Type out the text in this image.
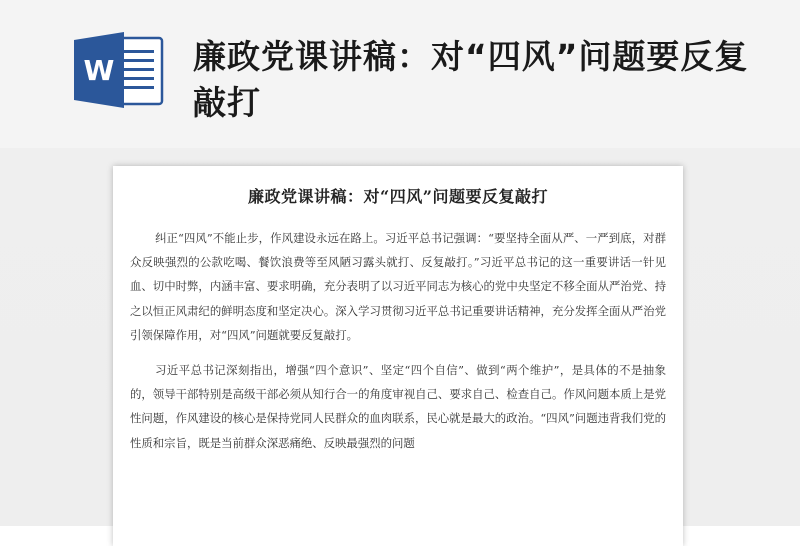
W 廉政党课讲稿：对“四风”问题要反复敲打
廉政党课讲稿：对“四风”问题要反复敲打

纠正“四风”不能止步，作风建设永远在路上。习近平总书记强调：“要坚持全面从严、一严到底，对群众反映强烈的公款吃喝、餐饮浪费等至风陋习露头就打、反复敲打。”习近平总书记的这一重要讲话一针见血、切中时弊，内涵丰富、要求明确，充分表明了以习近平同志为核心的党中央坚定不移全面从严治党、持之以恒正风肃纪的鲜明态度和坚定决心。深入学习贯彻习近平总书记重要讲话精神，充分发挥全面从严治党引领保障作用，对“四风”问题就要反复敲打。

习近平总书记深刻指出，增强“四个意识”、坚定“四个自信”、做到“两个维护”，是具体的不是抽象的，领导干部特别是高级干部必须从知行合一的角度审视自己、要求自己、检查自己。作风问题本质上是党性问题，作风建设的核心是保持党同人民群众的血肉联系，民心就是最大的政治。“四风”问题违背我们党的性质和宗旨，既是当前群众深恶痛绝、反映最强烈的问题
